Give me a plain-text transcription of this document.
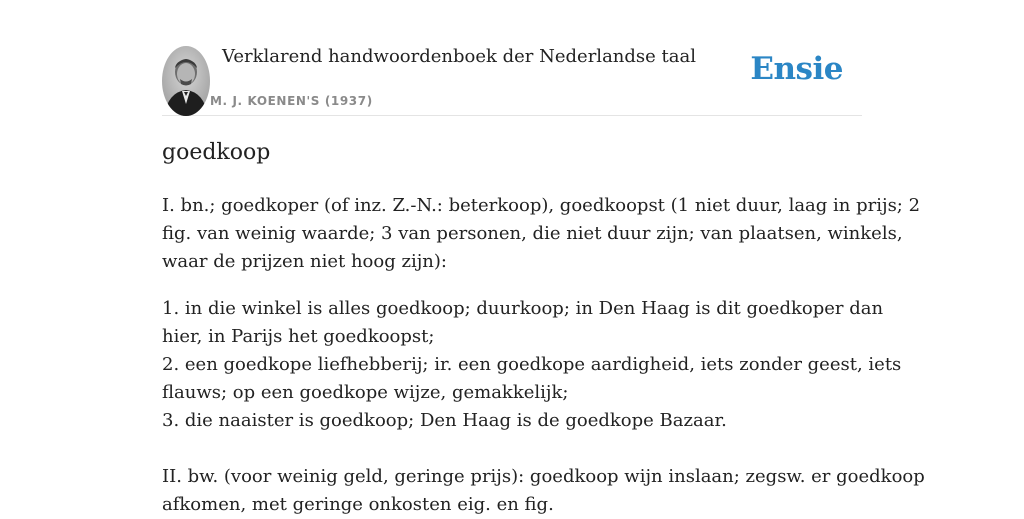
Verklarend handwoordenboek der Nederlandse taal
M. J. KOENEN'S (1937)
Ensie
goedkoop

I. bn.; goedkoper (of inz. Z.-N.: beterkoop), goedkoopst (1 niet duur, laag in prijs; 2
fig. van weinig waarde; 3 van personen, die niet duur zijn; van plaatsen, winkels,
waar de prijzen niet hoog zijn):

1. in die winkel is alles goedkoop; duurkoop; in Den Haag is dit goedkoper dan
hier, in Parijs het goedkoopst;
2. een goedkope liefhebberij; ir. een goedkope aardigheid, iets zonder geest, iets
flauws; op een goedkope wijze, gemakkelijk;
3. die naaister is goedkoop; Den Haag is de goedkope Bazaar.

II. bw. (voor weinig geld, geringe prijs): goedkoop wijn inslaan; zegsw. er goedkoop
afkomen, met geringe onkosten eig. en fig.
